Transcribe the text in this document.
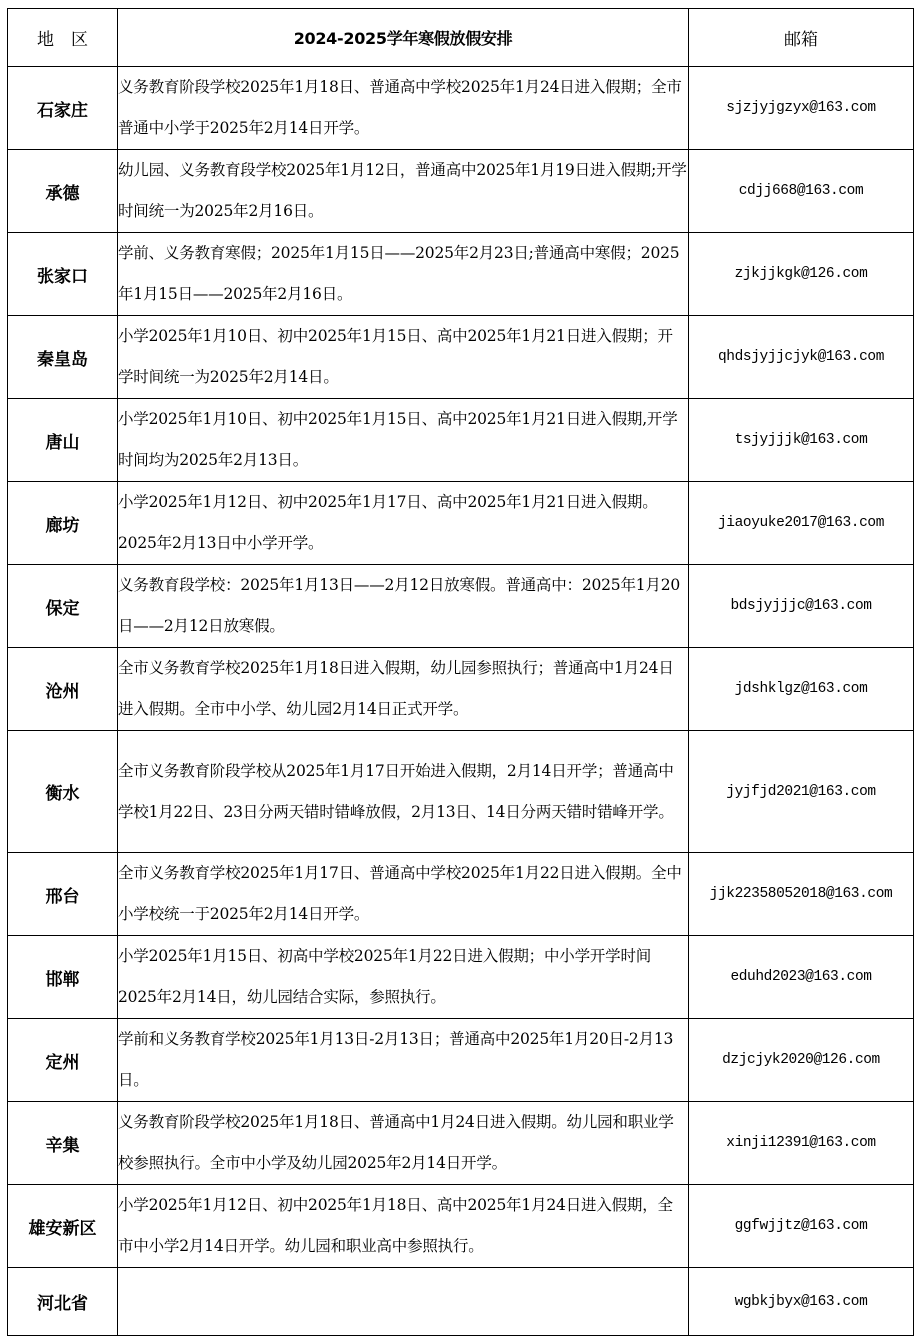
地　区	2024-2025学年寒假放假安排	邮箱
石家庄	义务教育阶段学校2025年1月18日、普通高中学校2025年1月24日进入假期；全市普通中小学于2025年2月14日开学。	sjzjyjgzyx@163.com
承德	幼儿园、义务教育段学校2025年1月12日，普通高中2025年1月19日进入假期;开学时间统一为2025年2月16日。	cdjj668@163.com
张家口	学前、义务教育寒假；2025年1月15日——2025年2月23日;普通高中寒假；2025年1月15日——2025年2月16日。	zjkjjkgk@126.com
秦皇岛	小学2025年1月10日、初中2025年1月15日、高中2025年1月21日进入假期；开学时间统一为2025年2月14日。	qhdsjyjjcjyk@163.com
唐山	小学2025年1月10日、初中2025年1月15日、高中2025年1月21日进入假期,开学时间均为2025年2月13日。	tsjyjjjk@163.com
廊坊	小学2025年1月12日、初中2025年1月17日、高中2025年1月21日进入假期。2025年2月13日中小学开学。	jiaoyuke2017@163.com
保定	义务教育段学校：2025年1月13日——2月12日放寒假。普通高中：2025年1月20日——2月12日放寒假。	bdsjyjjjc@163.com
沧州	全市义务教育学校2025年1月18日进入假期，幼儿园参照执行；普通高中1月24日进入假期。全市中小学、幼儿园2月14日正式开学。	jdshklgz@163.com
衡水	全市义务教育阶段学校从2025年1月17日开始进入假期，2月14日开学；普通高中学校1月22日、23日分两天错时错峰放假，2月13日、14日分两天错时错峰开学。	jyjfjd2021@163.com
邢台	全市义务教育学校2025年1月17日、普通高中学校2025年1月22日进入假期。全中小学校统一于2025年2月14日开学。	jjk22358052018@163.com
邯郸	小学2025年1月15日、初高中学校2025年1月22日进入假期；中小学开学时间2025年2月14日，幼儿园结合实际，参照执行。	eduhd2023@163.com
定州	学前和义务教育学校2025年1月13日-2月13日；普通高中2025年1月20日-2月13日。	dzjcjyk2020@126.com
辛集	义务教育阶段学校2025年1月18日、普通高中1月24日进入假期。幼儿园和职业学校参照执行。全市中小学及幼儿园2025年2月14日开学。	xinji12391@163.com
雄安新区	小学2025年1月12日、初中2025年1月18日、高中2025年1月24日进入假期，全市中小学2月14日开学。幼儿园和职业高中参照执行。	ggfwjjtz@163.com
河北省		wgbkjbyx@163.com
